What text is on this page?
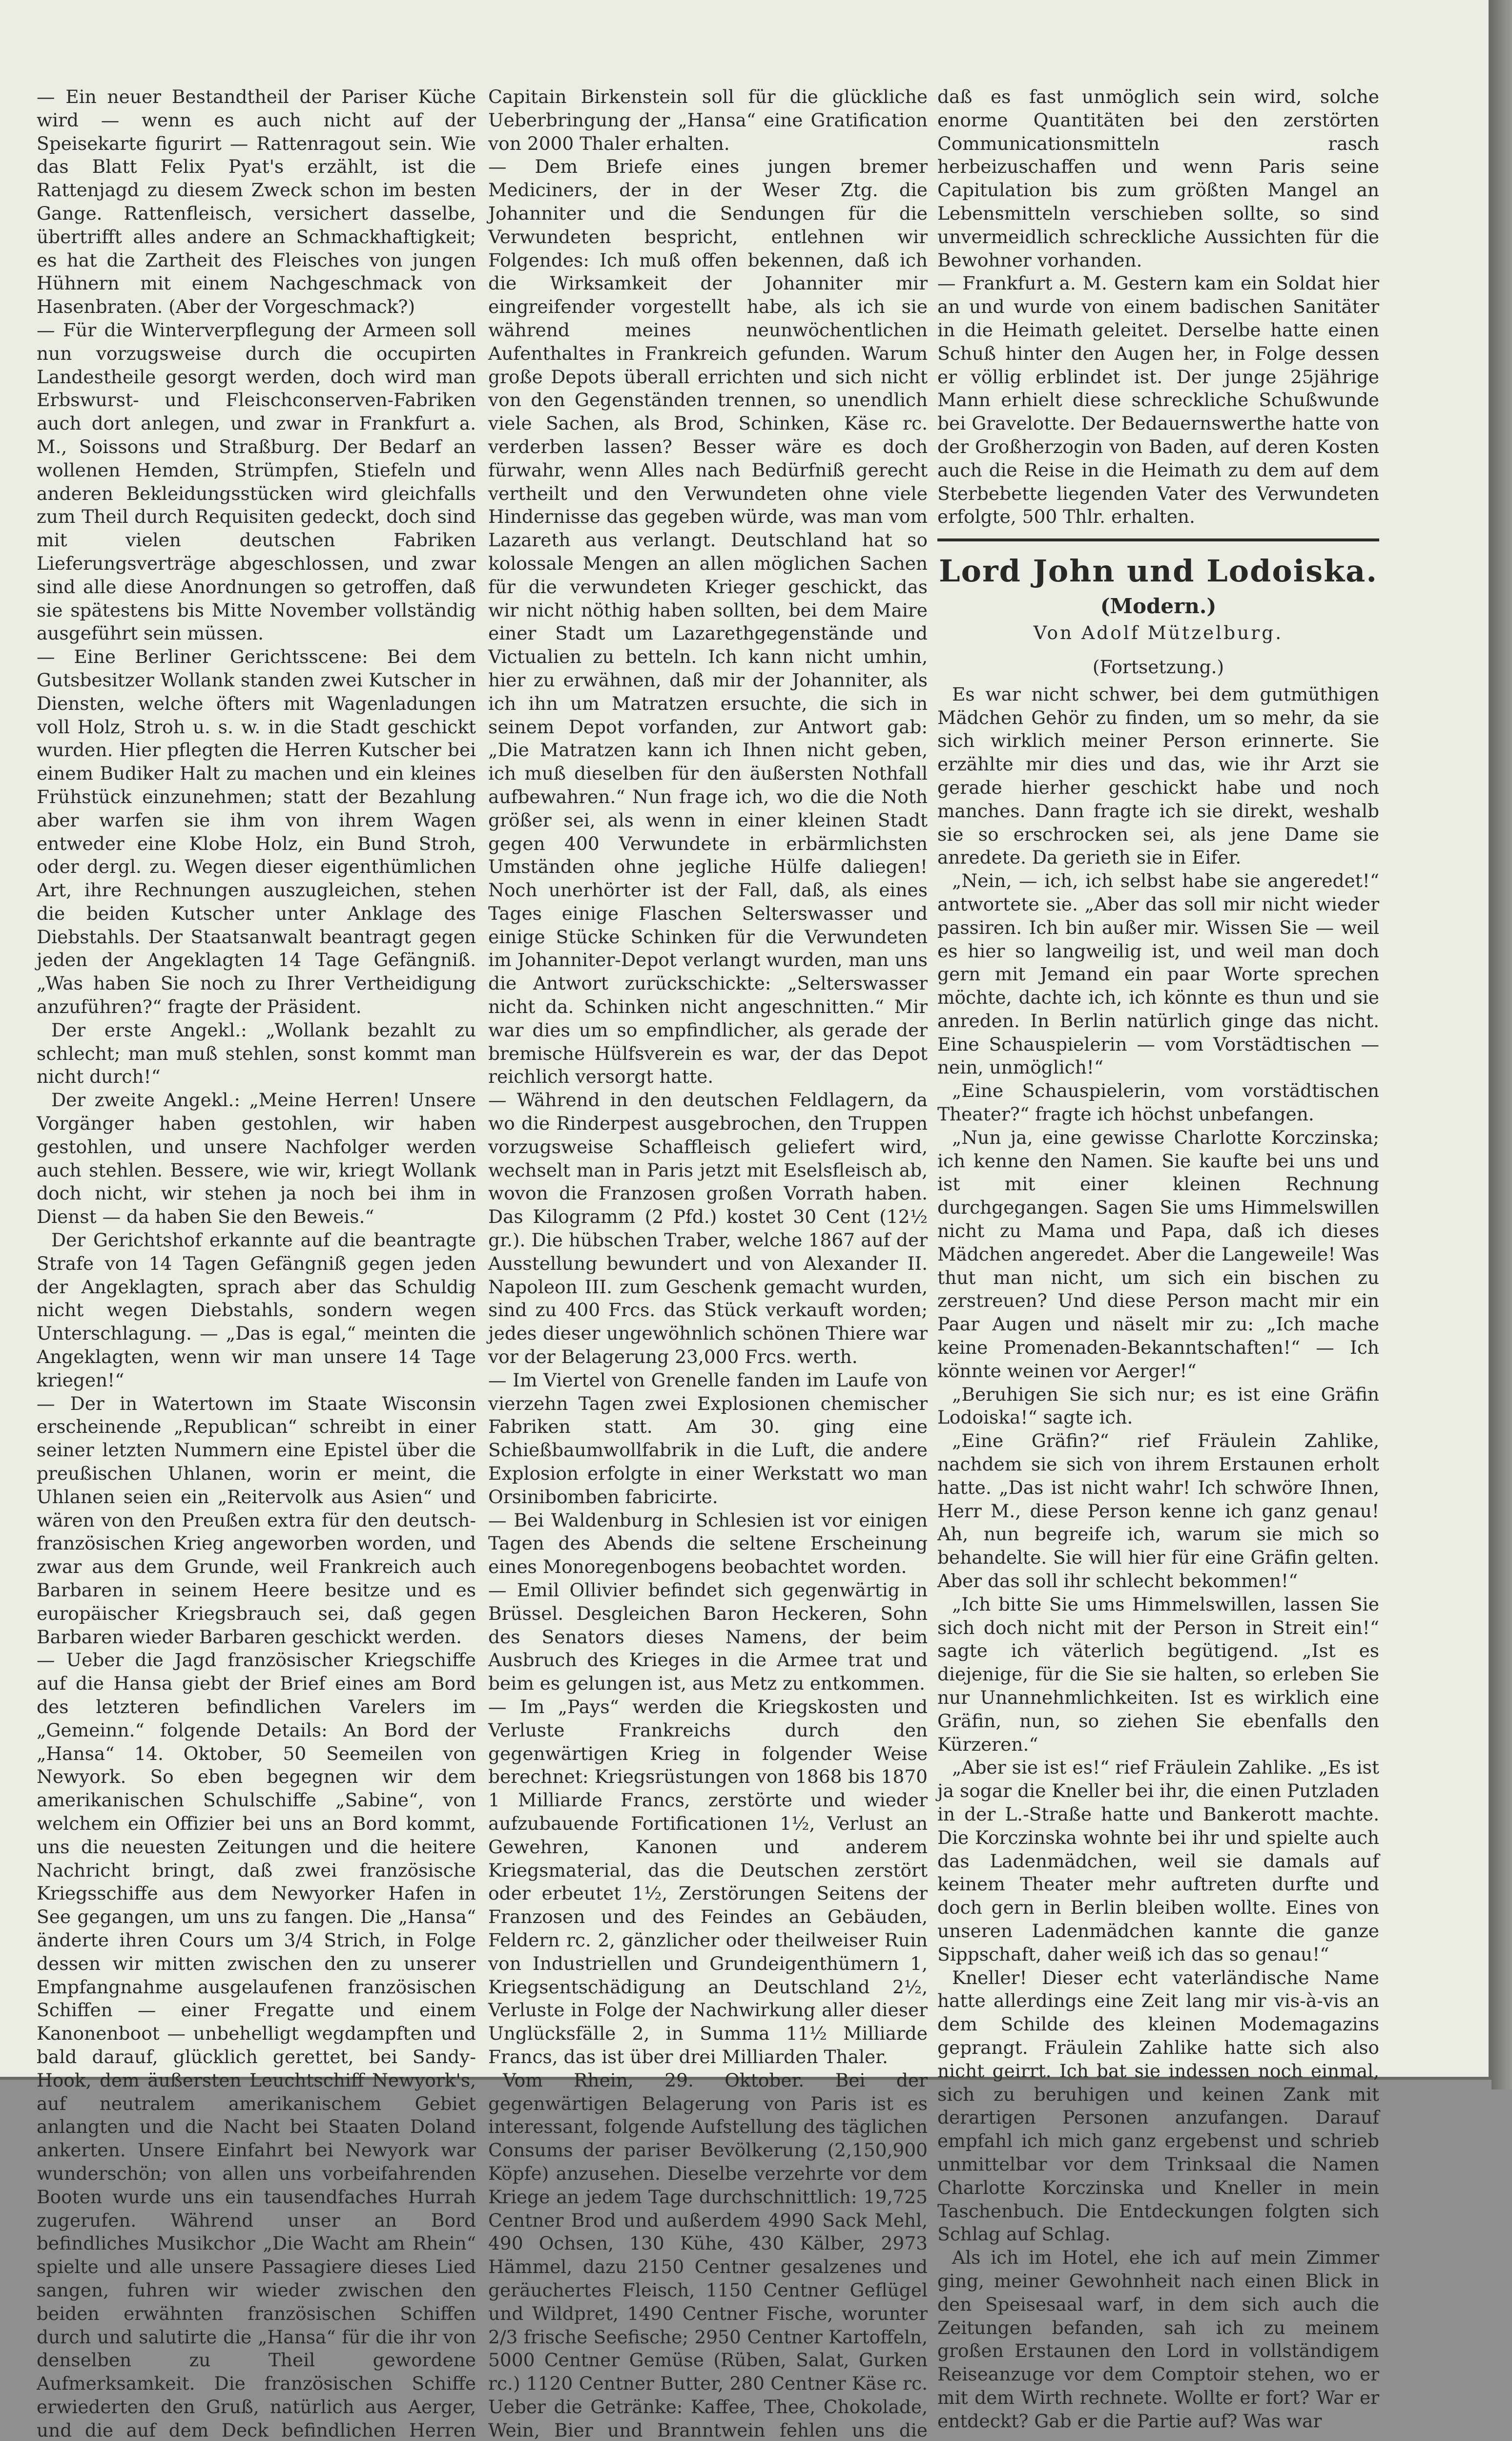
— Ein neuer Bestandtheil der Pariser Küche wird — wenn es auch nicht auf der Speisekarte figurirt — Rattenragout sein. Wie das Blatt Felix Pyat's erzählt, ist die Rattenjagd zu diesem Zweck schon im besten Gange. Rattenfleisch, versichert dasselbe, übertrifft alles andere an Schmackhaftigkeit; es hat die Zartheit des Fleisches von jungen Hühnern mit einem Nachgeschmack von Hasenbraten. (Aber der Vorgeschmack?)

— Für die Winterverpflegung der Armeen soll nun vorzugsweise durch die occupirten Landestheile gesorgt werden, doch wird man Erbswurst- und Fleischconserven-Fabriken auch dort anlegen, und zwar in Frankfurt a. M., Soissons und Straßburg. Der Bedarf an wollenen Hemden, Strümpfen, Stiefeln und anderen Bekleidungsstücken wird gleichfalls zum Theil durch Requisiten gedeckt, doch sind mit vielen deutschen Fabriken Lieferungsverträge abgeschlossen, und zwar sind alle diese Anordnungen so getroffen, daß sie spätestens bis Mitte November vollständig ausgeführt sein müssen.

— Eine Berliner Gerichtsscene: Bei dem Gutsbesitzer Wollank standen zwei Kutscher in Diensten, welche öfters mit Wagenladungen voll Holz, Stroh u. s. w. in die Stadt geschickt wurden. Hier pflegten die Herren Kutscher bei einem Budiker Halt zu machen und ein kleines Frühstück einzunehmen; statt der Bezahlung aber warfen sie ihm von ihrem Wagen entweder eine Klobe Holz, ein Bund Stroh, oder dergl. zu. Wegen dieser eigenthümlichen Art, ihre Rechnungen auszugleichen, stehen die beiden Kutscher unter Anklage des Diebstahls. Der Staatsanwalt beantragt gegen jeden der Angeklagten 14 Tage Gefängniß. „Was haben Sie noch zu Ihrer Vertheidigung anzuführen?“ fragte der Präsident.

Der erste Angekl.: „Wollank bezahlt zu schlecht; man muß stehlen, sonst kommt man nicht durch!“

Der zweite Angekl.: „Meine Herren! Unsere Vorgänger haben gestohlen, wir haben gestohlen, und unsere Nachfolger werden auch stehlen. Bessere, wie wir, kriegt Wollank doch nicht, wir stehen ja noch bei ihm in Dienst — da haben Sie den Beweis.“

Der Gerichtshof erkannte auf die beantragte Strafe von 14 Tagen Gefängniß gegen jeden der Angeklagten, sprach aber das Schuldig nicht wegen Diebstahls, sondern wegen Unterschlagung. — „Das is egal,“ meinten die Angeklagten, wenn wir man unsere 14 Tage kriegen!“

— Der in Watertown im Staate Wisconsin erscheinende „Republican“ schreibt in einer seiner letzten Nummern eine Epistel über die preußischen Uhlanen, worin er meint, die Uhlanen seien ein „Reitervolk aus Asien“ und wären von den Preußen extra für den deutsch-französischen Krieg angeworben worden, und zwar aus dem Grunde, weil Frankreich auch Barbaren in seinem Heere besitze und es europäischer Kriegsbrauch sei, daß gegen Barbaren wieder Barbaren geschickt werden.

— Ueber die Jagd französischer Kriegschiffe auf die Hansa giebt der Brief eines am Bord des letzteren befindlichen Varelers im „Gemeinn.“ folgende Details: An Bord der „Hansa“ 14. Oktober, 50 Seemeilen von Newyork. So eben begegnen wir dem amerikanischen Schulschiffe „Sabine“, von welchem ein Offizier bei uns an Bord kommt, uns die neuesten Zeitungen und die heitere Nachricht bringt, daß zwei französische Kriegsschiffe aus dem Newyorker Hafen in See gegangen, um uns zu fangen. Die „Hansa“ änderte ihren Cours um 3/4 Strich, in Folge dessen wir mitten zwischen den zu unserer Empfangnahme ausgelaufenen französischen Schiffen — einer Fregatte und einem Kanonenboot — unbehelligt wegdampften und bald darauf, glücklich gerettet, bei Sandy-Hook, dem äußersten Leuchtschiff Newyork's, auf neutralem amerikanischem Gebiet anlangten und die Nacht bei Staaten Doland ankerten. Unsere Einfahrt bei Newyork war wunderschön; von allen uns vorbeifahrenden Booten wurde uns ein tausendfaches Hurrah zugerufen. Während unser an Bord befindliches Musikchor „Die Wacht am Rhein“ spielte und alle unsere Passagiere dieses Lied sangen, fuhren wir wieder zwischen den beiden erwähnten französischen Schiffen durch und salutirte die „Hansa“ für die ihr von denselben zu Theil gewordene Aufmerksamkeit. Die französischen Schiffe erwiederten den Gruß, natürlich aus Aerger, und die auf dem Deck befindlichen Herren

Capitain Birkenstein soll für die glückliche Ueberbringung der „Hansa“ eine Gratification von 2000 Thaler erhalten.

— Dem Briefe eines jungen bremer Mediciners, der in der Weser Ztg. die Johanniter und die Sendungen für die Verwundeten bespricht, entlehnen wir Folgendes: Ich muß offen bekennen, daß ich die Wirksamkeit der Johanniter mir eingreifender vorgestellt habe, als ich sie während meines neunwöchentlichen Aufenthaltes in Frankreich gefunden. Warum große Depots überall errichten und sich nicht von den Gegenständen trennen, so unendlich viele Sachen, als Brod, Schinken, Käse rc. verderben lassen? Besser wäre es doch fürwahr, wenn Alles nach Bedürfniß gerecht vertheilt und den Verwundeten ohne viele Hindernisse das gegeben würde, was man vom Lazareth aus verlangt. Deutschland hat so kolossale Mengen an allen möglichen Sachen für die verwundeten Krieger geschickt, das wir nicht nöthig haben sollten, bei dem Maire einer Stadt um Lazarethgegenstände und Victualien zu betteln. Ich kann nicht umhin, hier zu erwähnen, daß mir der Johanniter, als ich ihn um Matratzen ersuchte, die sich in seinem Depot vorfanden, zur Antwort gab: „Die Matratzen kann ich Ihnen nicht geben, ich muß dieselben für den äußersten Nothfall aufbewahren.“ Nun frage ich, wo die die Noth größer sei, als wenn in einer kleinen Stadt gegen 400 Verwundete in erbärmlichsten Umständen ohne jegliche Hülfe daliegen! Noch unerhörter ist der Fall, daß, als eines Tages einige Flaschen Selterswasser und einige Stücke Schinken für die Verwundeten im Johanniter-Depot verlangt wurden, man uns die Antwort zurückschickte: „Selterswasser nicht da. Schinken nicht angeschnitten.“ Mir war dies um so empfindlicher, als gerade der bremische Hülfsverein es war, der das Depot reichlich versorgt hatte.

— Während in den deutschen Feldlagern, da wo die Rinderpest ausgebrochen, den Truppen vorzugsweise Schaffleisch geliefert wird, wechselt man in Paris jetzt mit Eselsfleisch ab, wovon die Franzosen großen Vorrath haben. Das Kilogramm (2 Pfd.) kostet 30 Cent (12½ gr.). Die hübschen Traber, welche 1867 auf der Ausstellung bewundert und von Alexander II. Napoleon III. zum Geschenk gemacht wurden, sind zu 400 Frcs. das Stück verkauft worden; jedes dieser ungewöhnlich schönen Thiere war vor der Belagerung 23,000 Frcs. werth.

— Im Viertel von Grenelle fanden im Laufe von vierzehn Tagen zwei Explosionen chemischer Fabriken statt. Am 30. ging eine Schießbaumwollfabrik in die Luft, die andere Explosion erfolgte in einer Werkstatt wo man Orsinibomben fabricirte.

— Bei Waldenburg in Schlesien ist vor einigen Tagen des Abends die seltene Erscheinung eines Monoregenbogens beobachtet worden.

— Emil Ollivier befindet sich gegenwärtig in Brüssel. Desgleichen Baron Heckeren, Sohn des Senators dieses Namens, der beim Ausbruch des Krieges in die Armee trat und beim es gelungen ist, aus Metz zu entkommen.

— Im „Pays“ werden die Kriegskosten und Verluste Frankreichs durch den gegenwärtigen Krieg in folgender Weise berechnet: Kriegsrüstungen von 1868 bis 1870 1 Milliarde Francs, zerstörte und wieder aufzubauende Fortificationen 1½, Verlust an Gewehren, Kanonen und anderem Kriegsmaterial, das die Deutschen zerstört oder erbeutet 1½, Zerstörungen Seitens der Franzosen und des Feindes an Gebäuden, Feldern rc. 2, gänzlicher oder theilweiser Ruin von Industriellen und Grundeigenthümern 1, Kriegsentschädigung an Deutschland 2½, Verluste in Folge der Nachwirkung aller dieser Unglücksfälle 2, in Summa 11½ Milliarde Francs, das ist über drei Milliarden Thaler.

Vom Rhein, 29. Oktober. Bei der gegenwärtigen Belagerung von Paris ist es interessant, folgende Aufstellung des täglichen Consums der pariser Bevölkerung (2,150,900 Köpfe) anzusehen. Dieselbe verzehrte vor dem Kriege an jedem Tage durchschnittlich: 19,725 Centner Brod und außerdem 4990 Sack Mehl, 490 Ochsen, 130 Kühe, 430 Kälber, 2973 Hämmel, dazu 2150 Centner gesalzenes und geräuchertes Fleisch, 1150 Centner Geflügel und Wildpret, 1490 Centner Fische, worunter 2/3 frische Seefische; 2950 Centner Kartoffeln, 5000 Centner Gemüse (Rüben, Salat, Gurken rc.) 1120 Centner Butter, 280 Centner Käse rc. Ueber die Getränke: Kaffee, Thee, Chokolade, Wein, Bier und Branntwein fehlen uns die

daß es fast unmöglich sein wird, solche enorme Quantitäten bei den zerstörten Communicationsmitteln rasch herbeizuschaffen und wenn Paris seine Capitulation bis zum größten Mangel an Lebensmitteln verschieben sollte, so sind unvermeidlich schreckliche Aussichten für die Bewohner vorhanden.

— Frankfurt a. M. Gestern kam ein Soldat hier an und wurde von einem badischen Sanitäter in die Heimath geleitet. Derselbe hatte einen Schuß hinter den Augen her, in Folge dessen er völlig erblindet ist. Der junge 25jährige Mann erhielt diese schreckliche Schußwunde bei Gravelotte. Der Bedauernswerthe hatte von der Großherzogin von Baden, auf deren Kosten auch die Reise in die Heimath zu dem auf dem Sterbebette liegenden Vater des Verwundeten erfolgte, 500 Thlr. erhalten.

Lord John und Lodoiska.
(Modern.)
Von Adolf Mützelburg.
(Fortsetzung.)

Es war nicht schwer, bei dem gutmüthigen Mädchen Gehör zu finden, um so mehr, da sie sich wirklich meiner Person erinnerte. Sie erzählte mir dies und das, wie ihr Arzt sie gerade hierher geschickt habe und noch manches. Dann fragte ich sie direkt, weshalb sie so erschrocken sei, als jene Dame sie anredete. Da gerieth sie in Eifer.

„Nein, — ich, ich selbst habe sie angeredet!“ antwortete sie. „Aber das soll mir nicht wieder passiren. Ich bin außer mir. Wissen Sie — weil es hier so langweilig ist, und weil man doch gern mit Jemand ein paar Worte sprechen möchte, dachte ich, ich könnte es thun und sie anreden. In Berlin natürlich ginge das nicht. Eine Schauspielerin — vom Vorstädtischen — nein, unmöglich!“

„Eine Schauspielerin, vom vorstädtischen Theater?“ fragte ich höchst unbefangen.

„Nun ja, eine gewisse Charlotte Korczinska; ich kenne den Namen. Sie kaufte bei uns und ist mit einer kleinen Rechnung durchgegangen. Sagen Sie ums Himmelswillen nicht zu Mama und Papa, daß ich dieses Mädchen angeredet. Aber die Langeweile! Was thut man nicht, um sich ein bischen zu zerstreuen? Und diese Person macht mir ein Paar Augen und näselt mir zu: „Ich mache keine Promenaden-Bekanntschaften!“ — Ich könnte weinen vor Aerger!“

„Beruhigen Sie sich nur; es ist eine Gräfin Lodoiska!“ sagte ich.

„Eine Gräfin?“ rief Fräulein Zahlike, nachdem sie sich von ihrem Erstaunen erholt hatte. „Das ist nicht wahr! Ich schwöre Ihnen, Herr M., diese Person kenne ich ganz genau! Ah, nun begreife ich, warum sie mich so behandelte. Sie will hier für eine Gräfin gelten. Aber das soll ihr schlecht bekommen!“

„Ich bitte Sie ums Himmelswillen, lassen Sie sich doch nicht mit der Person in Streit ein!“ sagte ich väterlich begütigend. „Ist es diejenige, für die Sie sie halten, so erleben Sie nur Unannehmlichkeiten. Ist es wirklich eine Gräfin, nun, so ziehen Sie ebenfalls den Kürzeren.“

„Aber sie ist es!“ rief Fräulein Zahlike. „Es ist ja sogar die Kneller bei ihr, die einen Putzladen in der L.-Straße hatte und Bankerott machte. Die Korczinska wohnte bei ihr und spielte auch das Ladenmädchen, weil sie damals auf keinem Theater mehr auftreten durfte und doch gern in Berlin bleiben wollte. Eines von unseren Ladenmädchen kannte die ganze Sippschaft, daher weiß ich das so genau!“

Kneller! Dieser echt vaterländische Name hatte allerdings eine Zeit lang mir vis-à-vis an dem Schilde des kleinen Modemagazins geprangt. Fräulein Zahlike hatte sich also nicht geirrt. Ich bat sie indessen noch einmal, sich zu beruhigen und keinen Zank mit derartigen Personen anzufangen. Darauf empfahl ich mich ganz ergebenst und schrieb unmittelbar vor dem Trinksaal die Namen Charlotte Korczinska und Kneller in mein Taschenbuch. Die Entdeckungen folgten sich Schlag auf Schlag.

Als ich im Hotel, ehe ich auf mein Zimmer ging, meiner Gewohnheit nach einen Blick in den Speisesaal warf, in dem sich auch die Zeitungen befanden, sah ich zu meinem großen Erstaunen den Lord in vollständigem Reiseanzuge vor dem Comptoir stehen, wo er mit dem Wirth rechnete. Wollte er fort? War er entdeckt? Gab er die Partie auf? Was war
